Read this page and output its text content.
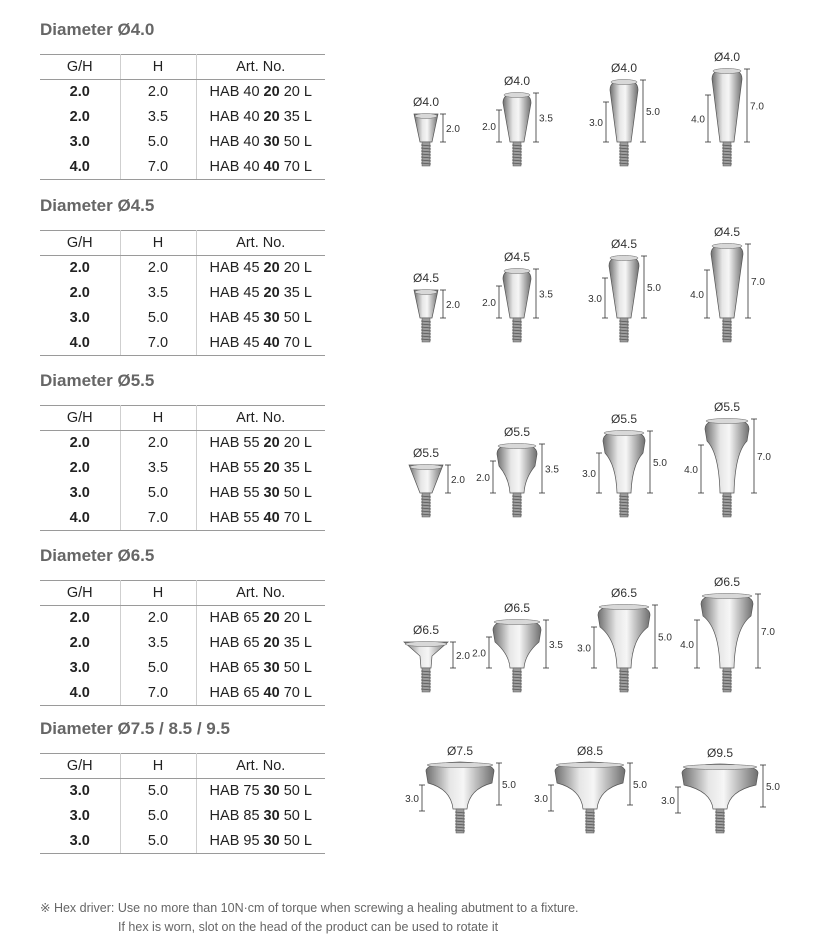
Diameter Ø4.0
G/H	H	Art. No.
2.0	2.0	HAB 40 20 20 L
2.0	3.5	HAB 40 20 35 L
3.0	5.0	HAB 40 30 50 L
4.0	7.0	HAB 40 40 70 L
Ø4.0
2.0
Ø4.0
3.5
2.0
Ø4.0
5.0
3.0
Ø4.0
7.0
4.0
Diameter Ø4.5
G/H	H	Art. No.
2.0	2.0	HAB 45 20 20 L
2.0	3.5	HAB 45 20 35 L
3.0	5.0	HAB 45 30 50 L
4.0	7.0	HAB 45 40 70 L
Ø4.5
2.0
Ø4.5
3.5
2.0
Ø4.5
5.0
3.0
Ø4.5
7.0
4.0
Diameter Ø5.5
G/H	H	Art. No.
2.0	2.0	HAB 55 20 20 L
2.0	3.5	HAB 55 20 35 L
3.0	5.0	HAB 55 30 50 L
4.0	7.0	HAB 55 40 70 L
Ø5.5
2.0
Ø5.5
3.5
2.0
Ø5.5
5.0
3.0
Ø5.5
7.0
4.0
Diameter Ø6.5
G/H	H	Art. No.
2.0	2.0	HAB 65 20 20 L
2.0	3.5	HAB 65 20 35 L
3.0	5.0	HAB 65 30 50 L
4.0	7.0	HAB 65 40 70 L
Ø6.5
2.0
Ø6.5
3.5
2.0
Ø6.5
5.0
3.0
Ø6.5
7.0
4.0
Diameter Ø7.5 / 8.5 / 9.5
G/H	H	Art. No.
3.0	5.0	HAB 75 30 50 L
3.0	5.0	HAB 85 30 50 L
3.0	5.0	HAB 95 30 50 L
Ø7.5
5.0
3.0
Ø8.5
5.0
3.0
Ø9.5
5.0
3.0
※ Hex driver: Use no more than 10N·cm of torque when screwing a healing abutment to a fixture.
If hex is worn, slot on the head of the product can be used to rotate it
